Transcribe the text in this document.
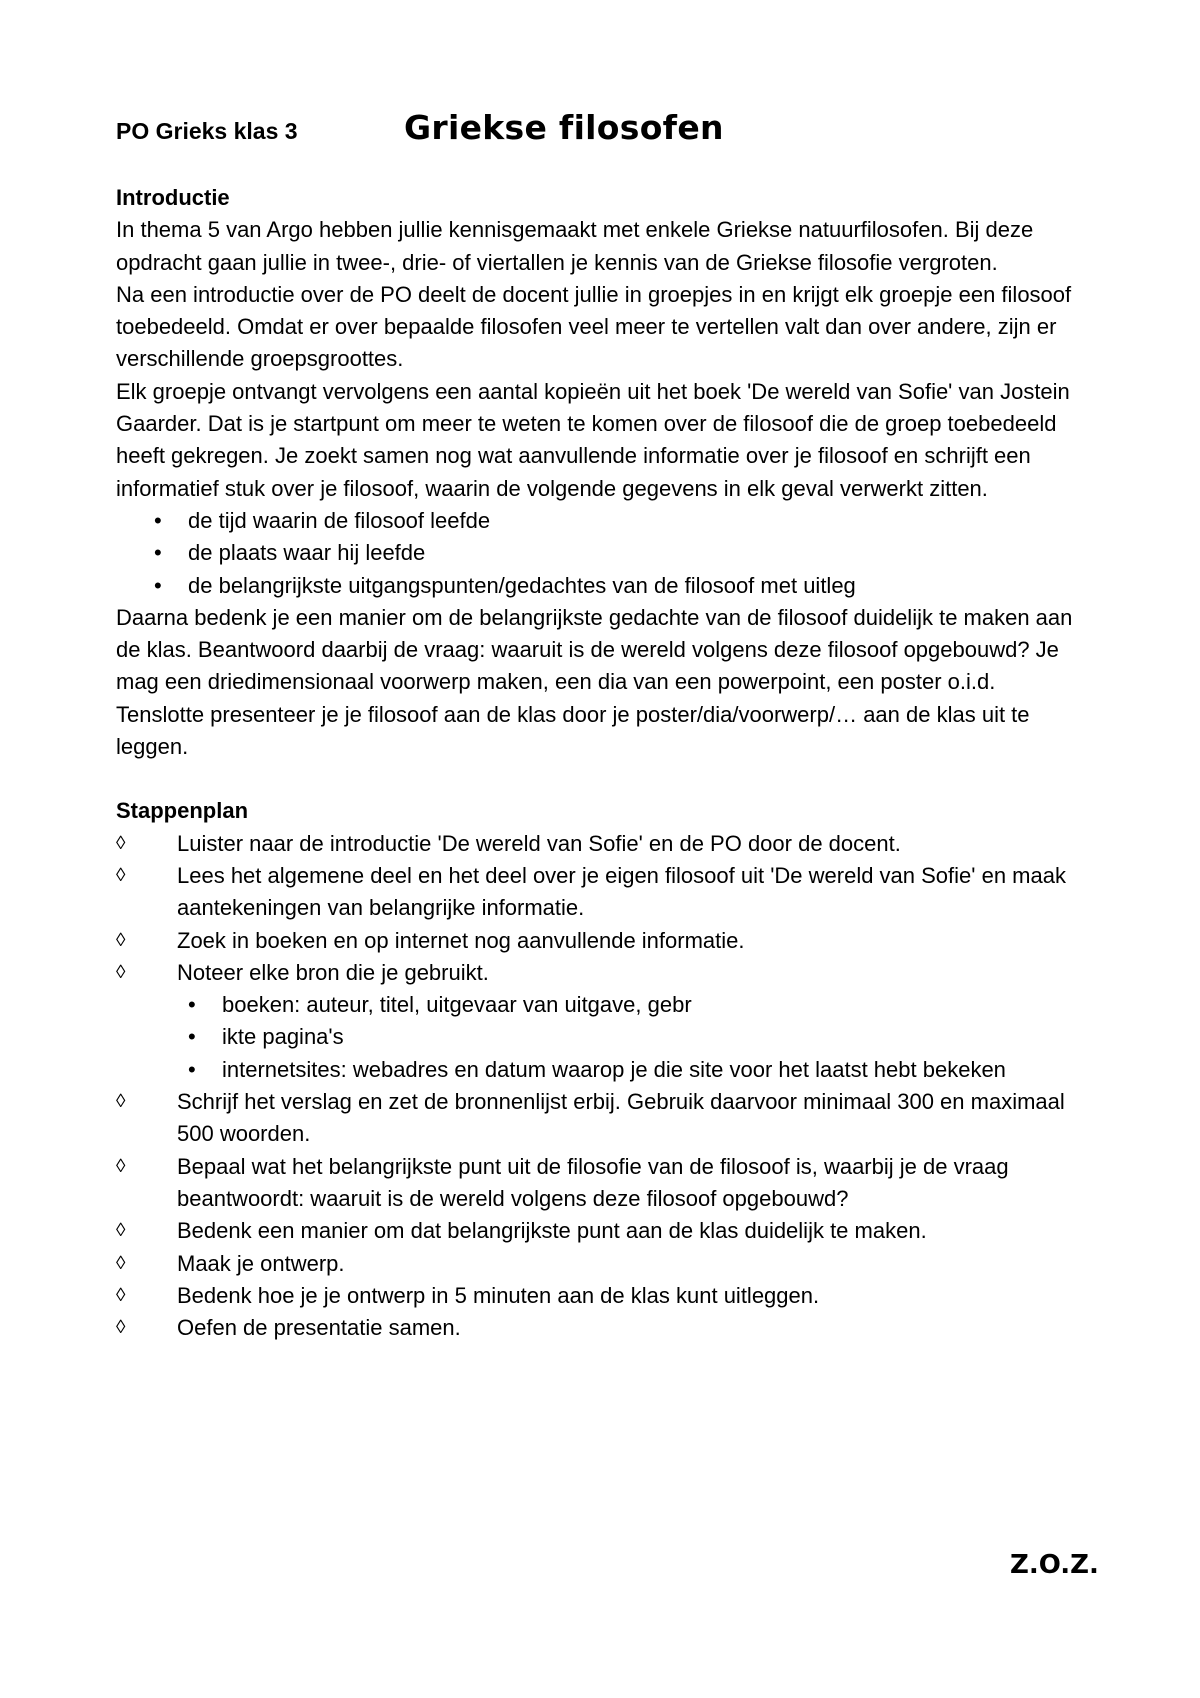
PO Grieks klas 3	Griekse filosofen

Introductie

In thema 5 van Argo hebben jullie kennisgemaakt met enkele Griekse natuurfilosofen. Bij deze opdracht gaan jullie in twee-, drie- of viertallen je kennis van de Griekse filosofie vergroten.

Na een introductie over de PO deelt de docent jullie in groepjes in en krijgt elk groepje een filosoof toebedeeld. Omdat er over bepaalde filosofen veel meer te vertellen valt dan over andere, zijn er verschillende groepsgroottes.

Elk groepje ontvangt vervolgens een aantal kopieën uit het boek 'De wereld van Sofie' van Jostein Gaarder. Dat is je startpunt om meer te weten te komen over de filosoof die de groep toebedeeld heeft gekregen. Je zoekt samen nog wat aanvullende informatie over je filosoof en schrijft een informatief stuk over je filosoof, waarin de volgende gegevens in elk geval verwerkt zitten.

• de tijd waarin de filosoof leefde
• de plaats waar hij leefde
• de belangrijkste uitgangspunten/gedachtes van de filosoof met uitleg

Daarna bedenk je een manier om de belangrijkste gedachte van de filosoof duidelijk te maken aan de klas. Beantwoord daarbij de vraag: waaruit is de wereld volgens deze filosoof opgebouwd? Je mag een driedimensionaal voorwerp maken, een dia van een powerpoint, een poster o.i.d.

Tenslotte presenteer je je filosoof aan de klas door je poster/dia/voorwerp/… aan de klas uit te leggen.

Stappenplan

◊ Luister naar de introductie 'De wereld van Sofie' en de PO door de docent.
◊ Lees het algemene deel en het deel over je eigen filosoof uit 'De wereld van Sofie' en maak aantekeningen van belangrijke informatie.
◊ Zoek in boeken en op internet nog aanvullende informatie.
◊ Noteer elke bron die je gebruikt.
• boeken: auteur, titel, uitgevaar van uitgave, gebr
• ikte pagina's
• internetsites: webadres en datum waarop je die site voor het laatst hebt bekeken
◊ Schrijf het verslag en zet de bronnenlijst erbij. Gebruik daarvoor minimaal 300 en maximaal 500 woorden.
◊ Bepaal wat het belangrijkste punt uit de filosofie van de filosoof is, waarbij je de vraag beantwoordt: waaruit is de wereld volgens deze filosoof opgebouwd?
◊ Bedenk een manier om dat belangrijkste punt aan de klas duidelijk te maken.
◊ Maak je ontwerp.
◊ Bedenk hoe je je ontwerp in 5 minuten aan de klas kunt uitleggen.
◊ Oefen de presentatie samen.
Z.O.Z.
